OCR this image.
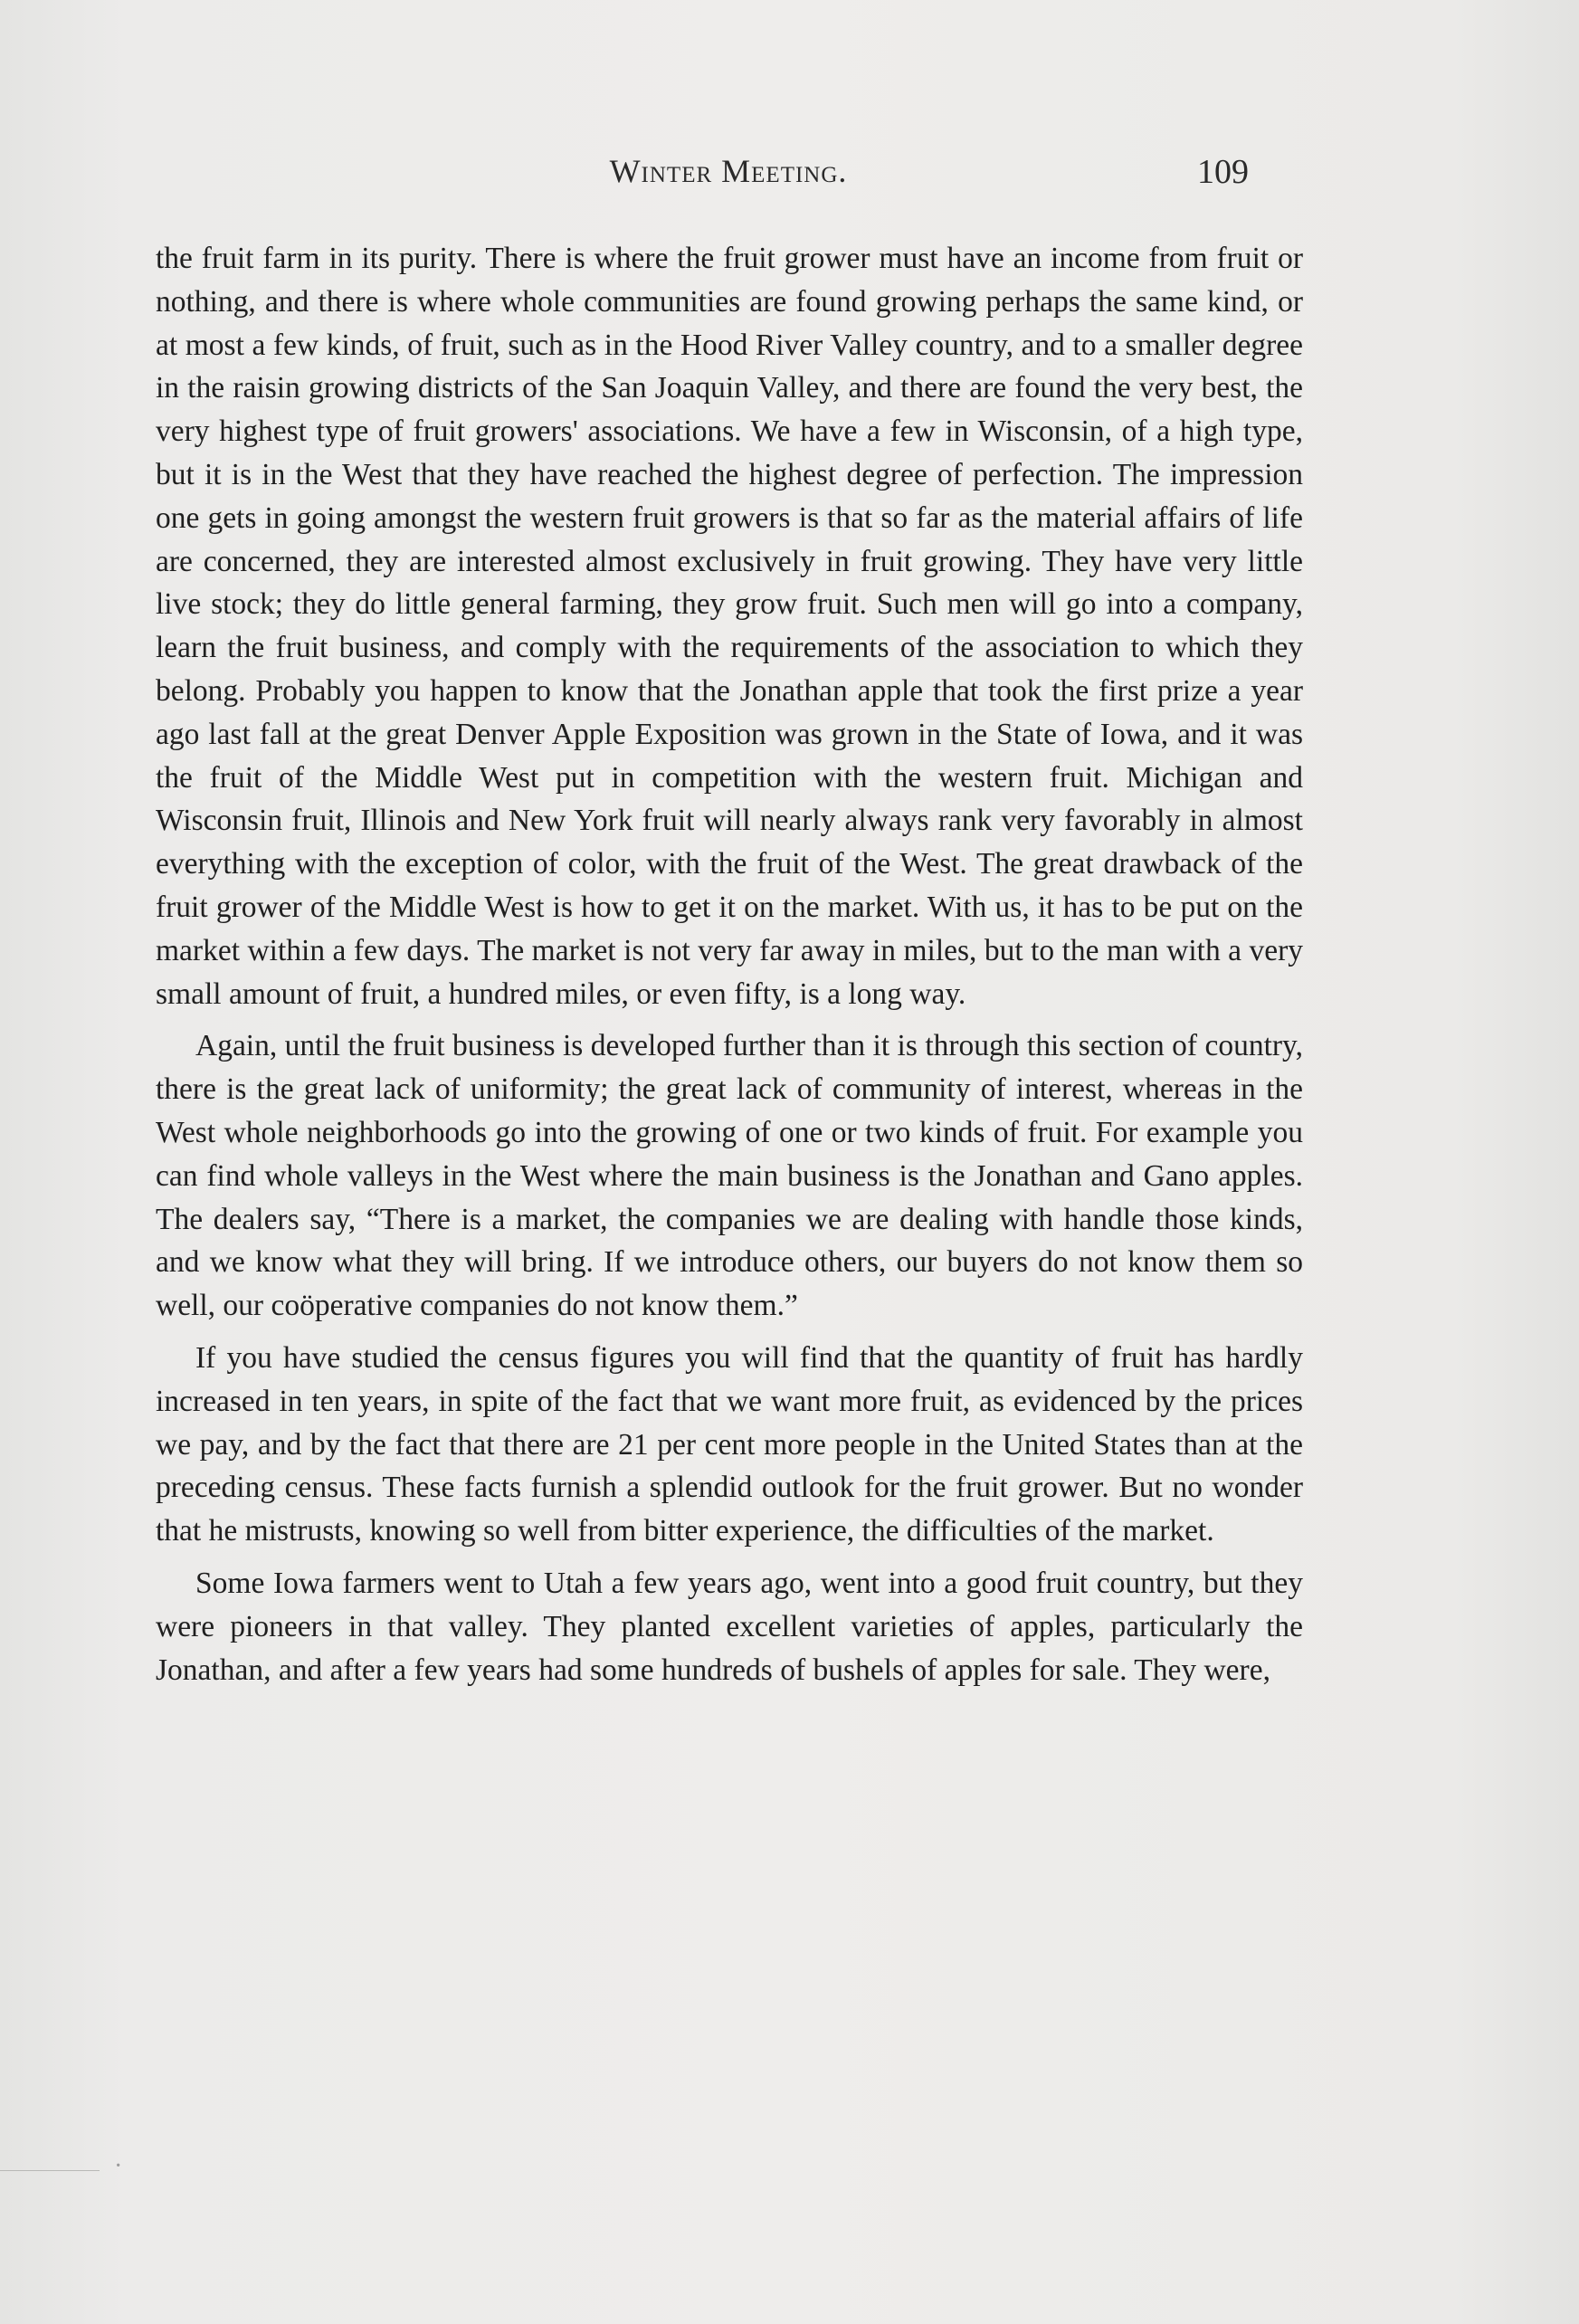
Winter Meeting.	109

the fruit farm in its purity. There is where the fruit grower must have an income from fruit or nothing, and there is where whole communities are found growing perhaps the same kind, or at most a few kinds, of fruit, such as in the Hood River Valley country, and to a smaller degree in the raisin growing districts of the San Joaquin Valley, and there are found the very best, the very highest type of fruit growers' associations. We have a few in Wisconsin, of a high type, but it is in the West that they have reached the highest degree of perfection. The impression one gets in going amongst the western fruit growers is that so far as the material affairs of life are concerned, they are interested almost exclusively in fruit growing. They have very little live stock; they do little general farming, they grow fruit. Such men will go into a company, learn the fruit business, and comply with the requirements of the association to which they belong. Probably you happen to know that the Jonathan apple that took the first prize a year ago last fall at the great Denver Apple Exposition was grown in the State of Iowa, and it was the fruit of the Middle West put in competition with the western fruit. Michigan and Wisconsin fruit, Illinois and New York fruit will nearly always rank very favorably in almost everything with the exception of color, with the fruit of the West. The great drawback of the fruit grower of the Middle West is how to get it on the market. With us, it has to be put on the market within a few days. The market is not very far away in miles, but to the man with a very small amount of fruit, a hundred miles, or even fifty, is a long way.

Again, until the fruit business is developed further than it is through this section of country, there is the great lack of uniformity; the great lack of community of interest, whereas in the West whole neighborhoods go into the growing of one or two kinds of fruit. For example you can find whole valleys in the West where the main business is the Jonathan and Gano apples. The dealers say, “There is a market, the companies we are dealing with handle those kinds, and we know what they will bring. If we introduce others, our buyers do not know them so well, our coöperative companies do not know them.”

If you have studied the census figures you will find that the quantity of fruit has hardly increased in ten years, in spite of the fact that we want more fruit, as evidenced by the prices we pay, and by the fact that there are 21 per cent more people in the United States than at the preceding census. These facts furnish a splendid outlook for the fruit grower. But no wonder that he mistrusts, knowing so well from bitter experience, the difficulties of the market.

Some Iowa farmers went to Utah a few years ago, went into a good fruit country, but they were pioneers in that valley. They planted excellent varieties of apples, particularly the Jonathan, and after a few years had some hundreds of bushels of apples for sale. They were,

·
